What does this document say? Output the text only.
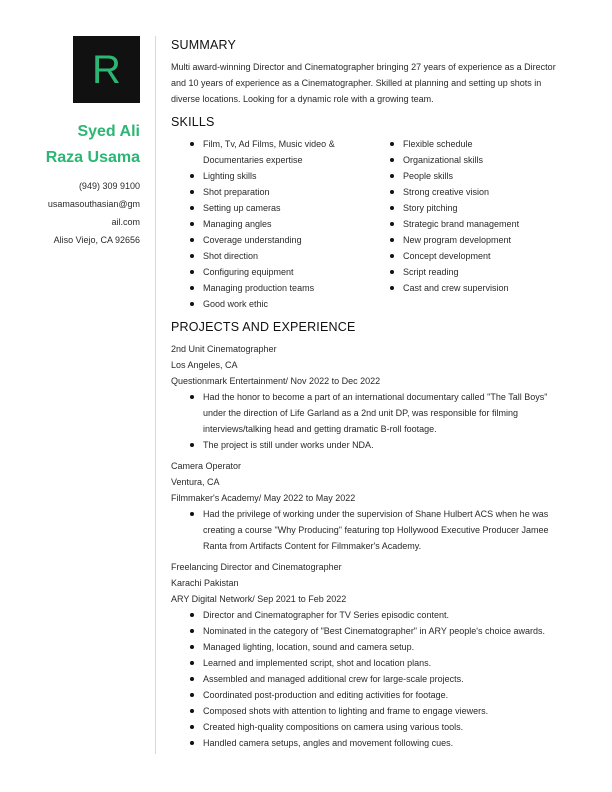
R
Syed Ali
Raza Usama
(949) 309 9100
usamasouthasian@gm
ail.com
Aliso Viejo, CA 92656
SUMMARY
Multi award-winning Director and Cinematographer bringing 27 years of experience as a Director and 10 years of experience as a Cinematographer. Skilled at planning and setting up shots in diverse locations. Looking for a dynamic role with a growing team.
SKILLS
Film, Tv, Ad Films, Music video & Documentaries expertise
Lighting skills
Shot preparation
Setting up cameras
Managing angles
Coverage understanding
Shot direction
Configuring equipment
Managing production teams
Good work ethic
Flexible schedule
Organizational skills
People skills
Strong creative vision
Story pitching
Strategic brand management
New program development
Concept development
Script reading
Cast and crew supervision
PROJECTS AND EXPERIENCE
2nd Unit Cinematographer
Los Angeles, CA
Questionmark Entertainment/ Nov 2022 to Dec 2022
Had the honor to become a part of an international documentary called "The Tall Boys" under the direction of Life Garland as a 2nd unit DP, was responsible for filming interviews/talking head and getting dramatic B-roll footage.
The project is still under works under NDA.
Camera Operator
Ventura, CA
Filmmaker's Academy/ May 2022 to May 2022
Had the privilege of working under the supervision of Shane Hulbert ACS when he was creating a course "Why Producing" featuring top Hollywood Executive Producer Jamee Ranta from Artifacts Content for Filmmaker's Academy.
Freelancing Director and Cinematographer
Karachi Pakistan
ARY Digital Network/ Sep 2021 to Feb 2022
Director and Cinematographer for TV Series episodic content.
Nominated in the category of "Best Cinematographer" in ARY people's choice awards.
Managed lighting, location, sound and camera setup.
Learned and implemented script, shot and location plans.
Assembled and managed additional crew for large-scale projects.
Coordinated post-production and editing activities for footage.
Composed shots with attention to lighting and frame to engage viewers.
Created high-quality compositions on camera using various tools.
Handled camera setups, angles and movement following cues.
